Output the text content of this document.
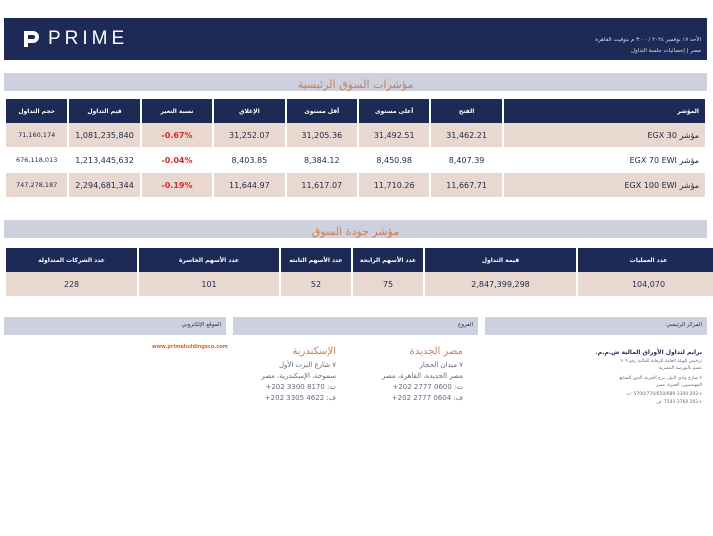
PRIME	الأحد ١٧ نوفمبر ٢٠٢٤ / ٣:٠٠ م بتوقيت القاهرة
مصر | إحصائيات جلسة التداول
مؤشرات السوق الرئيسية
حجم التداول	قيم التداول	نسبة التغير	الإغلاق	أقل مستوى	أعلى مستوى	الفتح	المؤشر
71,160,174	1,081,235,840	-0.67%	31,252.07	31,205.36	31,492.51	31,462.21	مؤشر EGX 30
676,118,013	1,213,445,632	-0.04%	8,403.85	8,384.12	8,450.98	8,407.39	مؤشر EGX 70 EWI
747,278,187	2,294,681,344	-0.19%	11,644.97	11,617.07	11,710.26	11,667.71	مؤشر EGX 100 EWI
مؤشر جودة السوق
عدد الشركات المتداولة	عدد الأسهم الخاسرة	عدد الأسهم الثابته	عدد الأسهم الرابحة	قيمة التداول	عدد العمليات
228	101	52	75	2,847,399,298	104,070
الموقع الإلكتروني	الفروع	المركز الرئيسي
www.primeholdingsco.com	الإسكندرية
٧ شارع البرت الأول
سموحة، الإسكندرية، مصر
ت: 8170 3300 202+
ف: 4622 3305 202+
مصر الجديدة
٧ ميدان الحجاز
مصر الجديدة، القاهرة، مصر
ت: 0600 2777 202+
ف: 0604 2777 202+
برايم لتداول الأوراق المالية ش.م.م.
ترخيص الهيئة العامة للرقابة المالية رقم ٢٠٩
عضو بالبورصة المصرية
٢ شارع وادي النيل، برج الحرية، الدور السابع،
المهندسين، الجيزة، مصر
+202 3300 5700/770/650/689 :ت
+202 3760 7543 :ف
